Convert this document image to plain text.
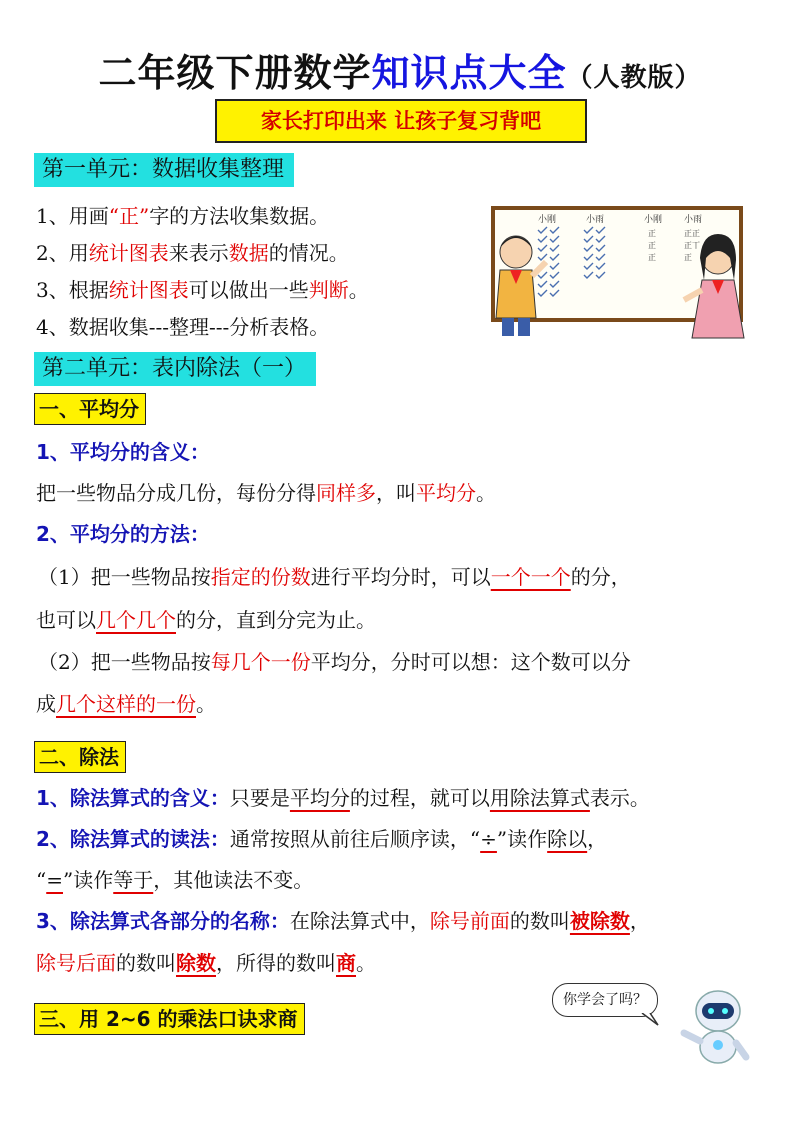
二年级下册数学知识点大全（人教版）
家长打印出来 让孩子复习背吧
第一单元：数据收集整理
1、用画“正”字的方法收集数据。
2、用统计图表来表示数据的情况。
3、根据统计图表可以做出一些判断。
4、数据收集---整理---分析表格。
小刚	小雨	小刚 小雨
正
正
正
正正
正丅
正
第二单元：表内除法（一）
一、平均分
1、平均分的含义：
把一些物品分成几份，每份分得同样多，叫平均分。
2、平均分的方法：
（1）把一些物品按指定的份数进行平均分时，可以一个一个的分，
也可以几个几个的分，直到分完为止。
（2）把一些物品按每几个一份平均分，分时可以想：这个数可以分
成几个这样的一份。
二、除法
1、除法算式的含义：只要是平均分的过程，就可以用除法算式表示。
2、除法算式的读法：通常按照从前往后顺序读，“÷”读作除以，
“=”读作等于，其他读法不变。
3、除法算式各部分的名称：在除法算式中，除号前面的数叫被除数，
除号后面的数叫除数，所得的数叫商。
三、用 2~6 的乘法口诀求商
你学会了吗？
